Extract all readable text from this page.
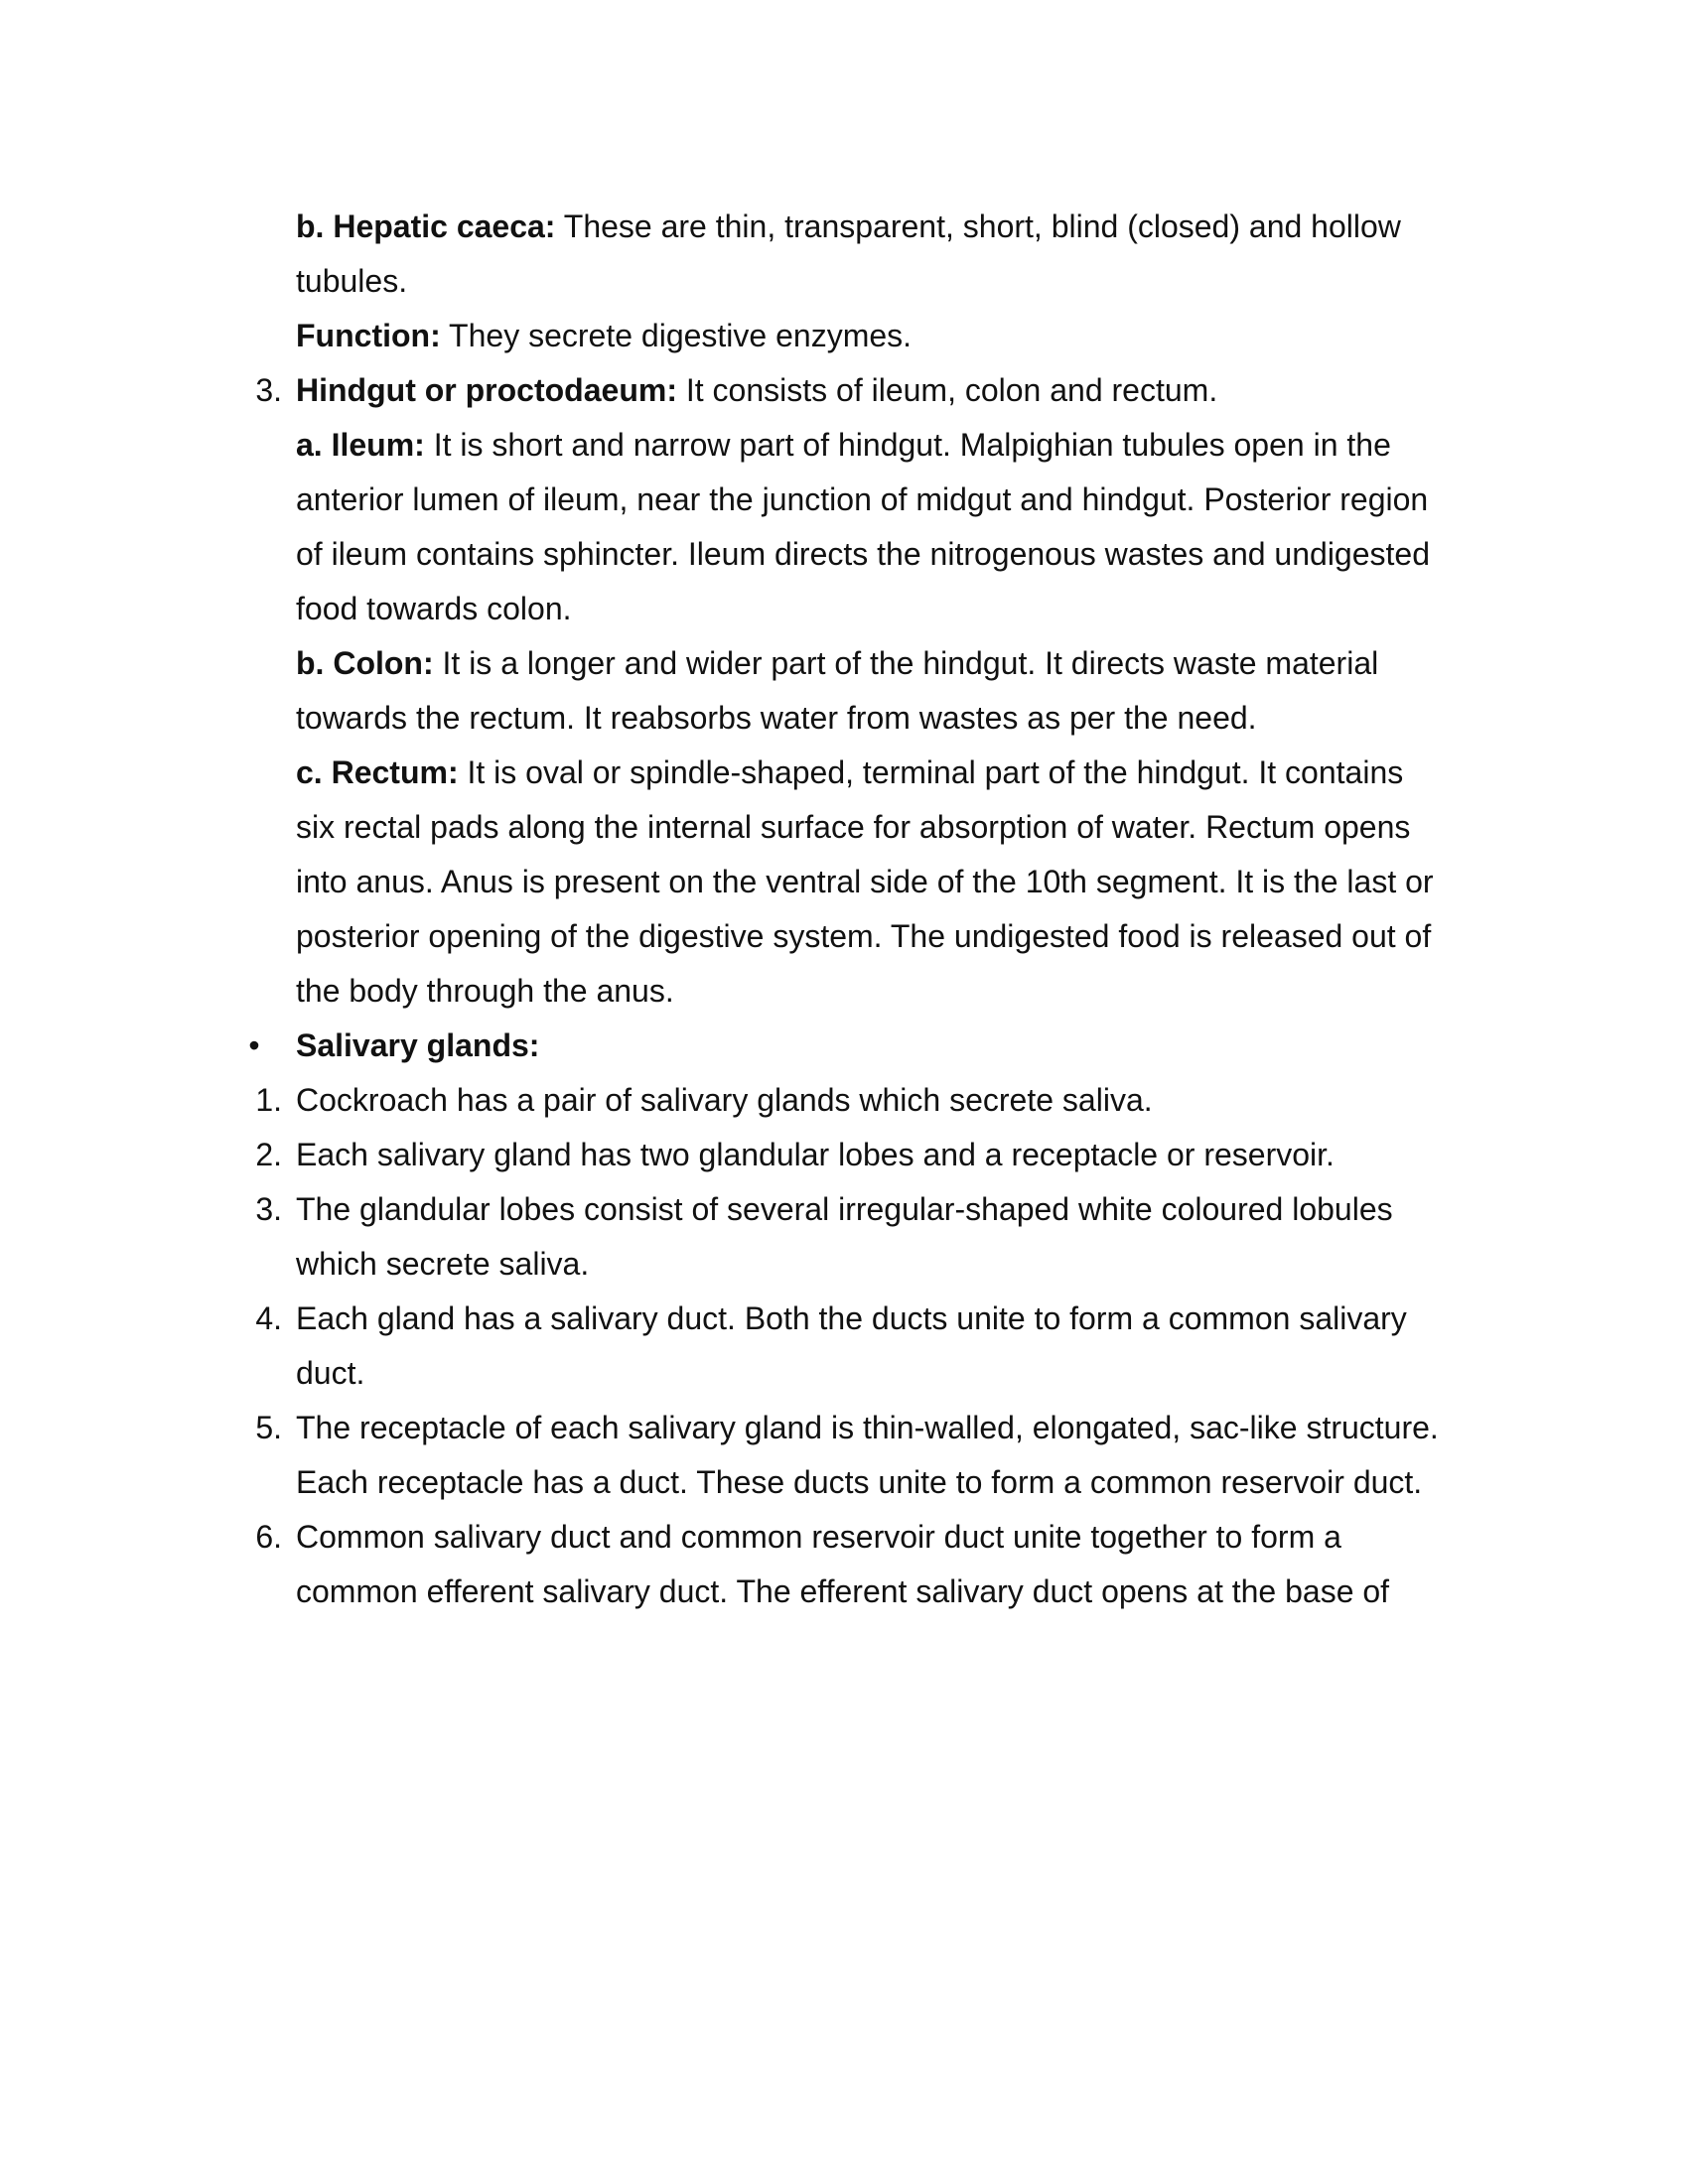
b. Hepatic caeca: These are thin, transparent, short, blind (closed) and hollow
tubules.
Function: They secrete digestive enzymes.
3. Hindgut or proctodaeum: It consists of ileum, colon and rectum.
a. Ileum: It is short and narrow part of hindgut. Malpighian tubules open in the
anterior lumen of ileum, near the junction of midgut and hindgut. Posterior region
of ileum contains sphincter. Ileum directs the nitrogenous wastes and undigested
food towards colon.
b. Colon: It is a longer and wider part of the hindgut. It directs waste material
towards the rectum. It reabsorbs water from wastes as per the need.
c. Rectum: It is oval or spindle-shaped, terminal part of the hindgut. It contains
six rectal pads along the internal surface for absorption of water. Rectum opens
into anus. Anus is present on the ventral side of the 10th segment. It is the last or
posterior opening of the digestive system. The undigested food is released out of
the body through the anus.
• Salivary glands:
1. Cockroach has a pair of salivary glands which secrete saliva.
2. Each salivary gland has two glandular lobes and a receptacle or reservoir.
3. The glandular lobes consist of several irregular-shaped white coloured lobules
which secrete saliva.
4. Each gland has a salivary duct. Both the ducts unite to form a common salivary
duct.
5. The receptacle of each salivary gland is thin-walled, elongated, sac-like structure.
Each receptacle has a duct. These ducts unite to form a common reservoir duct.
6. Common salivary duct and common reservoir duct unite together to form a
common efferent salivary duct. The efferent salivary duct opens at the base of
